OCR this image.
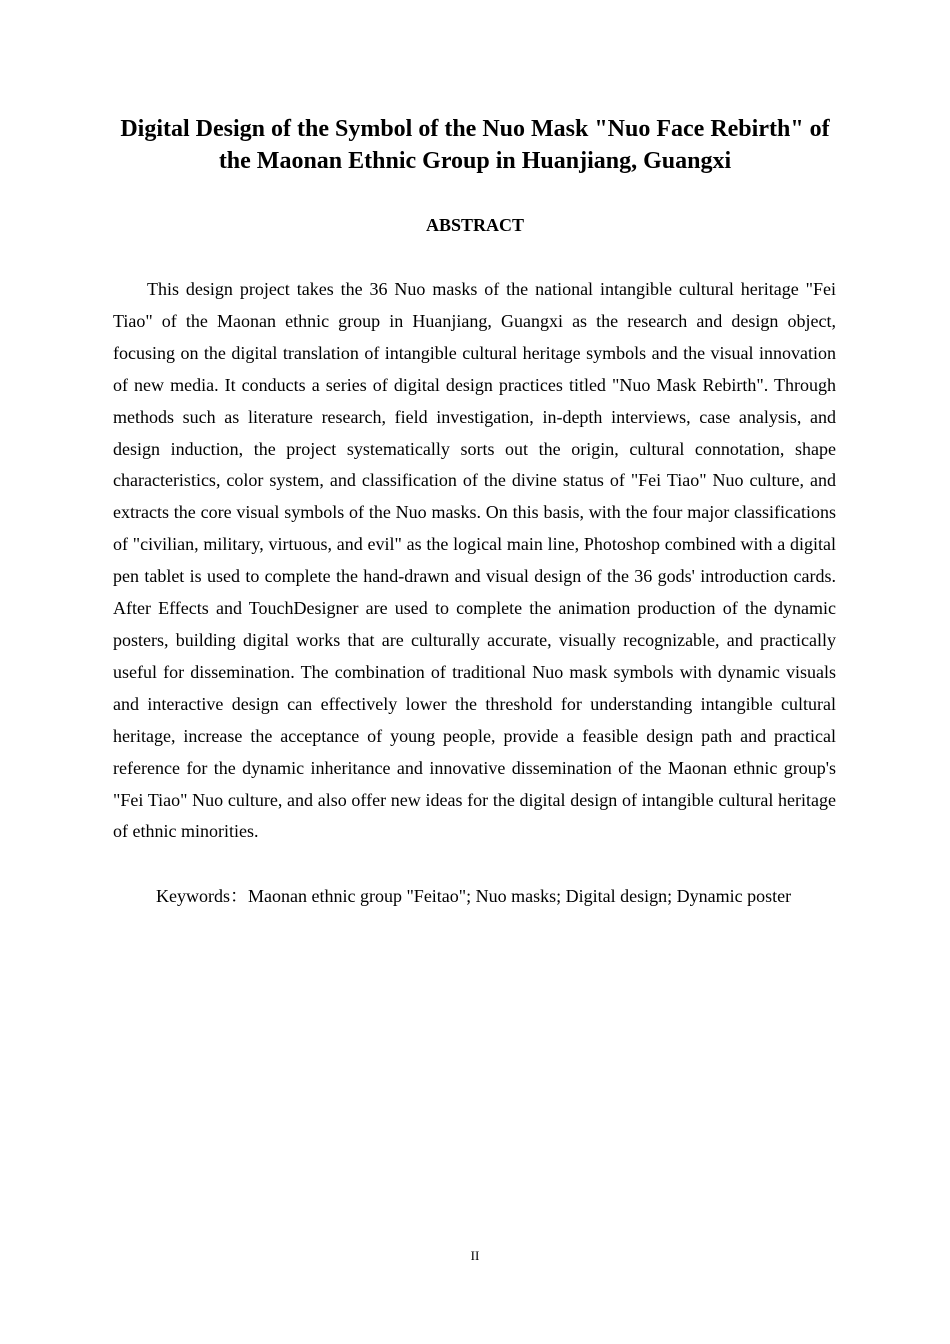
Digital Design of the Symbol of the Nuo Mask "Nuo Face Rebirth" of the Maonan Ethnic Group in Huanjiang, Guangxi
ABSTRACT

This design project takes the 36 Nuo masks of the national intangible cultural heritage "Fei Tiao" of the Maonan ethnic group in Huanjiang, Guangxi as the research and design object, focusing on the digital translation of intangible cultural heritage symbols and the visual innovation of new media. It conducts a series of digital design practices titled "Nuo Mask Rebirth". Through methods such as literature research, field investigation, in-depth interviews, case analysis, and design induction, the project systematically sorts out the origin, cultural connotation, shape characteristics, color system, and classification of the divine status of "Fei Tiao" Nuo culture, and extracts the core visual symbols of the Nuo masks. On this basis, with the four major classifications of "civilian, military, virtuous, and evil" as the logical main line, Photoshop combined with a digital pen tablet is used to complete the hand-drawn and visual design of the 36 gods' introduction cards. After Effects and TouchDesigner are used to complete the animation production of the dynamic posters, building digital works that are culturally accurate, visually recognizable, and practically useful for dissemination. The combination of traditional Nuo mask symbols with dynamic visuals and interactive design can effectively lower the threshold for understanding intangible cultural heritage, increase the acceptance of young people, provide a feasible design path and practical reference for the dynamic inheritance and innovative dissemination of the Maonan ethnic group's "Fei Tiao" Nuo culture, and also offer new ideas for the digital design of intangible cultural heritage of ethnic minorities.

Keywords：Maonan ethnic group "Feitao"; Nuo masks; Digital design; Dynamic poster

II
